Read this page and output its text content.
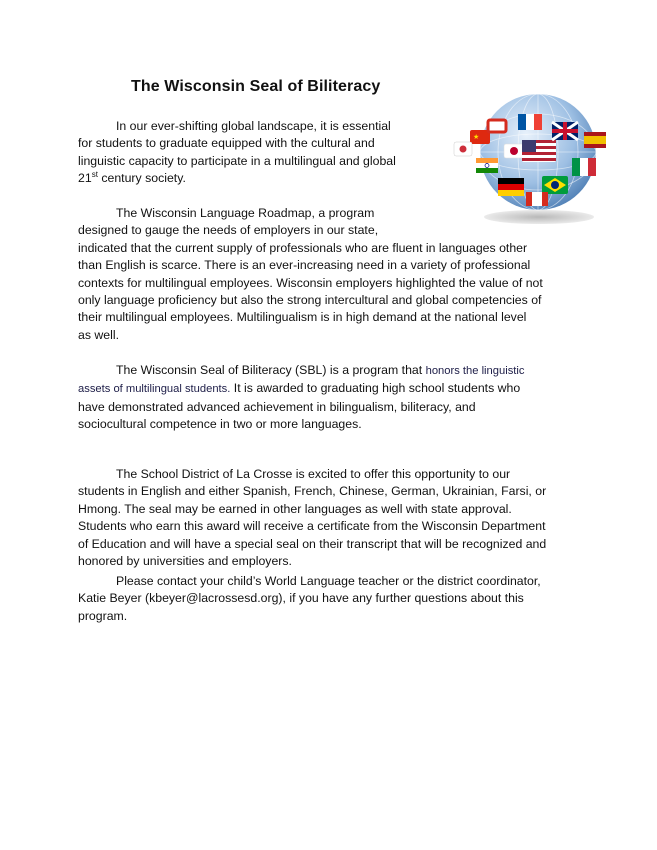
The Wisconsin Seal of Biliteracy
★
In our ever-shifting global landscape, it is essential
for students to graduate equipped with the cultural and
linguistic capacity to participate in a multilingual and global
21st century society.
The Wisconsin Language Roadmap, a program
designed to gauge the needs of employers in our state,
indicated that the current supply of professionals who are fluent in languages other
than English is scarce. There is an ever-increasing need in a variety of professional
contexts for multilingual employees. Wisconsin employers highlighted the value of not
only language proficiency but also the strong intercultural and global competencies of
their multilingual employees. Multilingualism is in high demand at the national level
as well.
The Wisconsin Seal of Biliteracy (SBL) is a program that honors the linguistic
assets of multilingual students. It is awarded to graduating high school students who
have demonstrated advanced achievement in bilingualism, biliteracy, and
sociocultural competence in two or more languages.
The School District of La Crosse is excited to offer this opportunity to our
students in English and either Spanish, French, Chinese, German, Ukrainian, Farsi, or
Hmong. The seal may be earned in other languages as well with state approval.
Students who earn this award will receive a certificate from the Wisconsin Department
of Education and will have a special seal on their transcript that will be recognized and
honored by universities and employers.
Please contact your child’s World Language teacher or the district coordinator,
Katie Beyer (kbeyer@lacrossesd.org), if you have any further questions about this
program.
